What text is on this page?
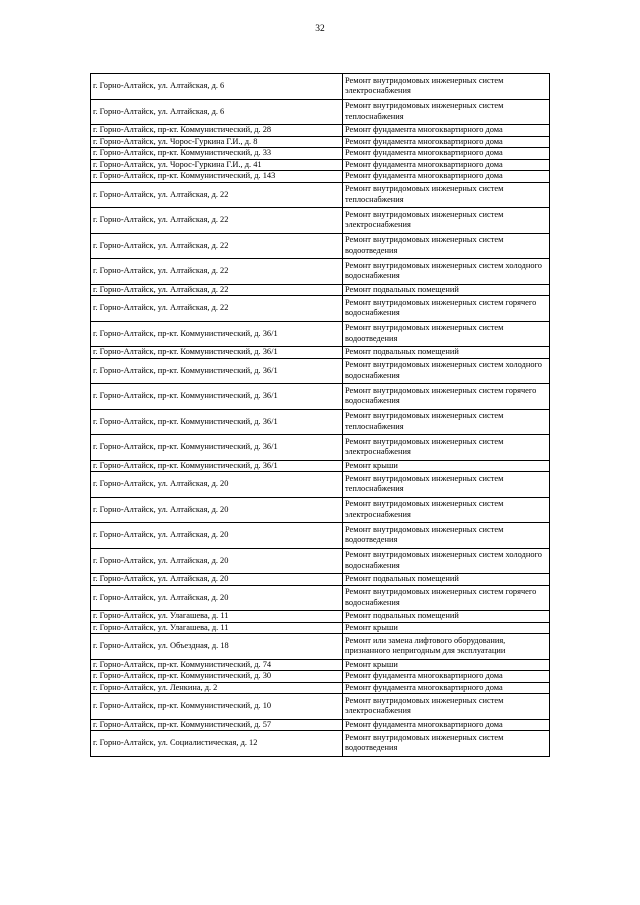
32
г. Горно-Алтайск, ул. Алтайская, д. 6	Ремонт внутридомовых инженерных систем электроснабжения
г. Горно-Алтайск, ул. Алтайская, д. 6	Ремонт внутридомовых инженерных систем теплоснабжения
г. Горно-Алтайск, пр-кт. Коммунистический, д. 28	Ремонт фундамента многоквартирного дома
г. Горно-Алтайск, ул. Чорос-Гуркина Г.И., д. 8	Ремонт фундамента многоквартирного дома
г. Горно-Алтайск, пр-кт. Коммунистический, д. 33	Ремонт фундамента многоквартирного дома
г. Горно-Алтайск, ул. Чорос-Гуркина Г.И., д. 41	Ремонт фундамента многоквартирного дома
г. Горно-Алтайск, пр-кт. Коммунистический, д. 143	Ремонт фундамента многоквартирного дома
г. Горно-Алтайск, ул. Алтайская, д. 22	Ремонт внутридомовых инженерных систем теплоснабжения
г. Горно-Алтайск, ул. Алтайская, д. 22	Ремонт внутридомовых инженерных систем электроснабжения
г. Горно-Алтайск, ул. Алтайская, д. 22	Ремонт внутридомовых инженерных систем водоотведения
г. Горно-Алтайск, ул. Алтайская, д. 22	Ремонт внутридомовых инженерных систем холодного водоснабжения
г. Горно-Алтайск, ул. Алтайская, д. 22	Ремонт подвальных помещений
г. Горно-Алтайск, ул. Алтайская, д. 22	Ремонт внутридомовых инженерных систем горячего водоснабжения
г. Горно-Алтайск, пр-кт. Коммунистический, д. 36/1	Ремонт внутридомовых инженерных систем водоотведения
г. Горно-Алтайск, пр-кт. Коммунистический, д. 36/1	Ремонт подвальных помещений
г. Горно-Алтайск, пр-кт. Коммунистический, д. 36/1	Ремонт внутридомовых инженерных систем холодного водоснабжения
г. Горно-Алтайск, пр-кт. Коммунистический, д. 36/1	Ремонт внутридомовых инженерных систем горячего водоснабжения
г. Горно-Алтайск, пр-кт. Коммунистический, д. 36/1	Ремонт внутридомовых инженерных систем теплоснабжения
г. Горно-Алтайск, пр-кт. Коммунистический, д. 36/1	Ремонт внутридомовых инженерных систем электроснабжения
г. Горно-Алтайск, пр-кт. Коммунистический, д. 36/1	Ремонт крыши
г. Горно-Алтайск, ул. Алтайская, д. 20	Ремонт внутридомовых инженерных систем теплоснабжения
г. Горно-Алтайск, ул. Алтайская, д. 20	Ремонт внутридомовых инженерных систем электроснабжения
г. Горно-Алтайск, ул. Алтайская, д. 20	Ремонт внутридомовых инженерных систем водоотведения
г. Горно-Алтайск, ул. Алтайская, д. 20	Ремонт внутридомовых инженерных систем холодного водоснабжения
г. Горно-Алтайск, ул. Алтайская, д. 20	Ремонт подвальных помещений
г. Горно-Алтайск, ул. Алтайская, д. 20	Ремонт внутридомовых инженерных систем горячего водоснабжения
г. Горно-Алтайск, ул. Улагашева, д. 11	Ремонт подвальных помещений
г. Горно-Алтайск, ул. Улагашева, д. 11	Ремонт крыши
г. Горно-Алтайск, ул. Объездная, д. 18	Ремонт или замена лифтового оборудования, признанного непригодным для эксплуатации
г. Горно-Алтайск, пр-кт. Коммунистический, д. 74	Ремонт крыши
г. Горно-Алтайск, пр-кт. Коммунистический, д. 30	Ремонт фундамента многоквартирного дома
г. Горно-Алтайск, ул. Ленкина, д. 2	Ремонт фундамента многоквартирного дома
г. Горно-Алтайск, пр-кт. Коммунистический, д. 10	Ремонт внутридомовых инженерных систем электроснабжения
г. Горно-Алтайск, пр-кт. Коммунистический, д. 57	Ремонт фундамента многоквартирного дома
г. Горно-Алтайск, ул. Социалистическая, д. 12	Ремонт внутридомовых инженерных систем водоотведения
